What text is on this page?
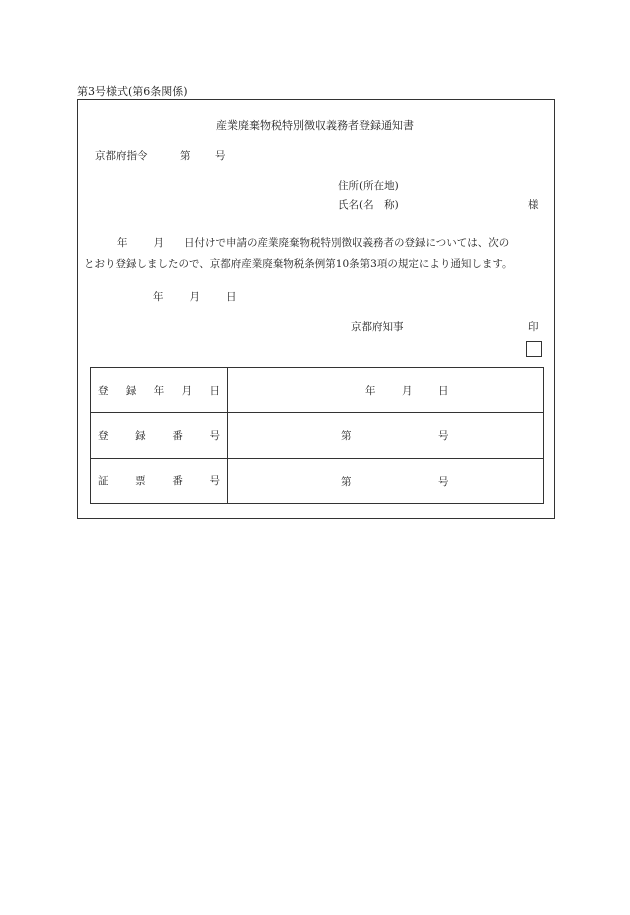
第3号様式(第6条関係)
産業廃棄物税特別徴収義務者登録通知書
京都府指令	第 号
住所(所在地)
氏名(名　称)	様
年 月 日付けで申請の産業廃棄物税特別徴収義務者の登録については、次の
とおり登録しましたので、京都府産業廃棄物税条例第10条第3項の規定により通知します。
年 月 日
京都府知事	印
登録年月日	年 月 日

登録番号	第 号

証票番号	第 号
